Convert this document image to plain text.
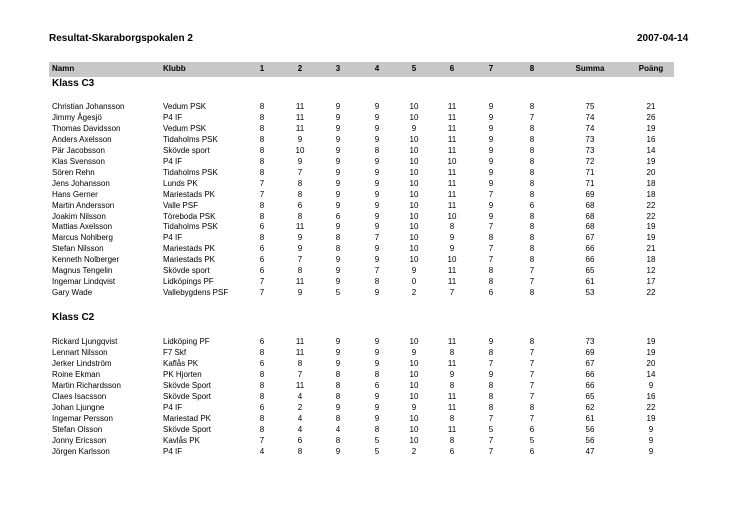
Resultat-Skaraborgspokalen 2	2007-04-14
Namn	Klubb	1	2	3	4	5	6	7	8	Summa	Poäng
Klass C3
Christian Johansson	Vedum PSK	8	11	9	9	10	11	9	8	75	21
Jimmy Ågesjö	P4 IF	8	11	9	9	10	11	9	7	74	26
Thomas Davidsson	Vedum PSK	8	11	9	9	9	11	9	8	74	19
Anders Axelsson	Tidaholms PSK	8	9	9	9	10	11	9	8	73	16
Pär Jacobsson	Skövde sport	8	10	9	8	10	11	9	8	73	14
Klas Svensson	P4 IF	8	9	9	9	10	10	9	8	72	19
Sören Rehn	Tidaholms PSK	8	7	9	9	10	11	9	8	71	20
Jens Johansson	Lunds PK	7	8	9	9	10	11	9	8	71	18
Hans Gerner	Mariestads PK	7	8	9	9	10	11	7	8	69	18
Martin Andersson	Valle PSF	8	6	9	9	10	11	9	6	68	22
Joakim Nilsson	Töreboda PSK	8	8	6	9	10	10	9	8	68	22
Mattias Axelsson	Tidaholms PSK	6	11	9	9	10	8	7	8	68	19
Marcus Nohlberg	P4 IF	8	9	8	7	10	9	8	8	67	19
Stefan Nilsson	Mariestads PK	6	9	8	9	10	9	7	8	66	21
Kenneth Nolberger	Mariestads PK	6	7	9	9	10	10	7	8	66	18
Magnus Tengelin	Skövde sport	6	8	9	7	9	11	8	7	65	12
Ingemar Lindqvist	Lidköpings PF	7	11	9	8	0	11	8	7	61	17
Gary Wade	Vallebygdens PSF	7	9	5	9	2	7	6	8	53	22
Klass C2
Rickard Ljungqvist	Lidköping PF	6	11	9	9	10	11	9	8	73	19
Lennart Nilsson	F7 Skf	8	11	9	9	9	8	8	7	69	19
Jerker Lindström	Kaflås PK	6	8	9	9	10	11	7	7	67	20
Roine Ekman	PK Hjorten	8	7	8	8	10	9	9	7	66	14
Martin Richardsson	Skövde Sport	8	11	8	6	10	8	8	7	66	9
Claes Isacsson	Skövde Sport	8	4	8	9	10	11	8	7	65	16
Johan Ljungne	P4 IF	6	2	9	9	9	11	8	8	62	22
Ingemar Persson	Mariestad PK	8	4	8	9	10	8	7	7	61	19
Stefan Olsson	Skövde Sport	8	4	4	8	10	11	5	6	56	9
Jonny Ericsson	Kavlås PK	7	6	8	5	10	8	7	5	56	9
Jörgen Karlsson	P4 IF	4	8	9	5	2	6	7	6	47	9
